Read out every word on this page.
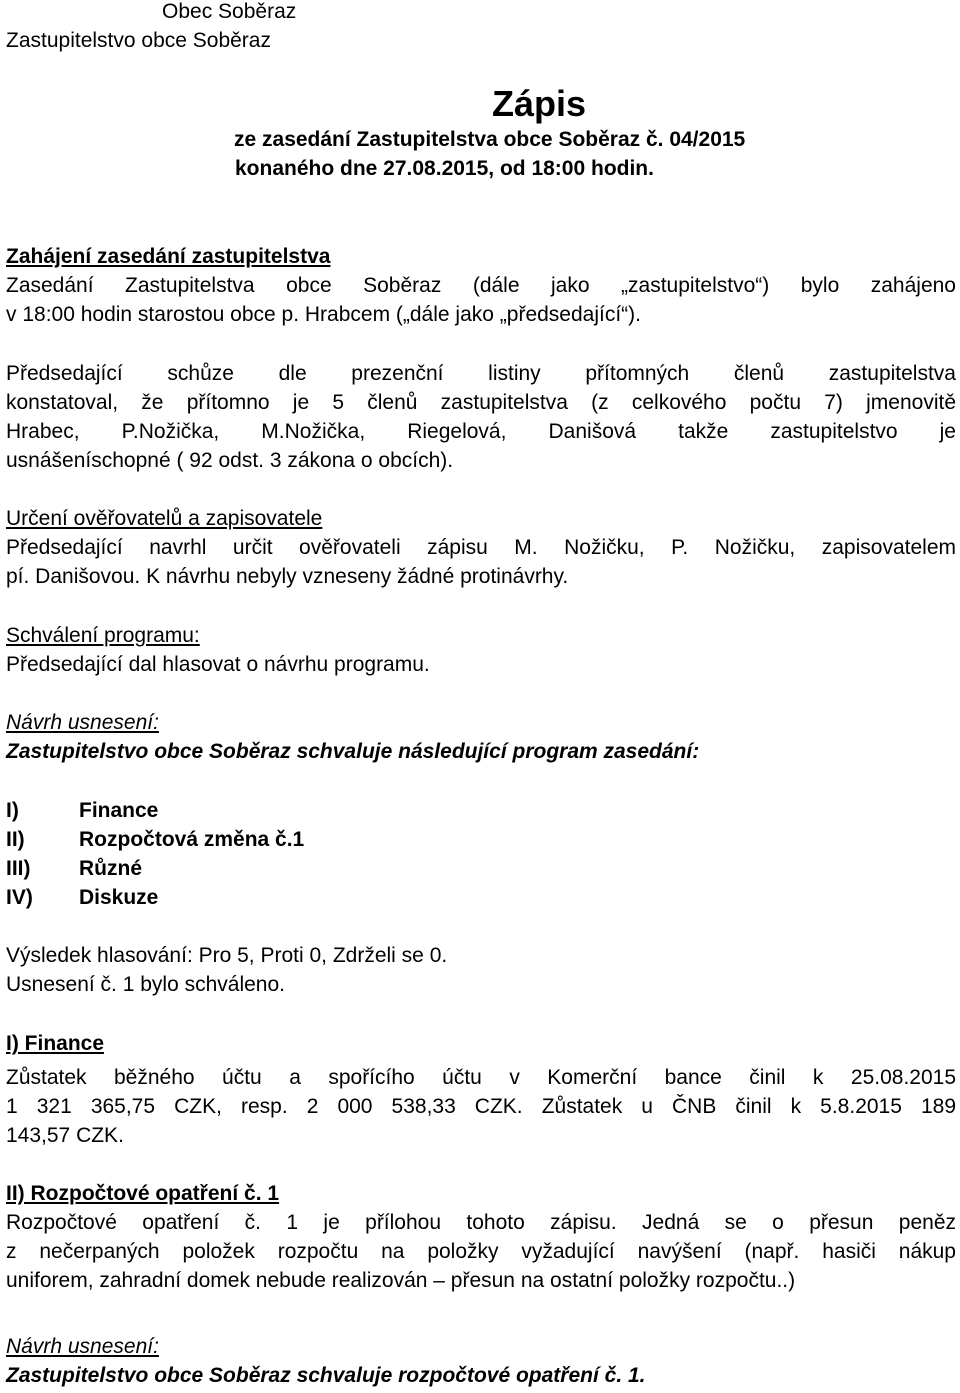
Obec Soběraz
Zastupitelstvo obce Soběraz
Zápis
ze zasedání Zastupitelstva obce Soběraz č. 04/2015
konaného dne 27.08.2015, od 18:00 hodin.
Zahájení zasedání zastupitelstva
Zasedání Zastupitelstva obce Soběraz (dále jako „zastupitelstvo“) bylo zahájeno
v 18:00 hodin starostou obce p. Hrabcem („dále jako „předsedající“).
Předsedající schůze dle prezenční listiny přítomných členů zastupitelstva
konstatoval, že přítomno je 5 členů zastupitelstva (z celkového počtu 7) jmenovitě
Hrabec, P.Nožička, M.Nožička, Riegelová, Danišová takže zastupitelstvo je
usnášeníschopné ( 92 odst. 3 zákona o obcích).
Určení ověřovatelů a zapisovatele
Předsedající navrhl určit ověřovateli zápisu M. Nožičku, P. Nožičku, zapisovatelem
pí. Danišovou. K návrhu nebyly vzneseny žádné protinávrhy.
Schválení programu:
Předsedající dal hlasovat o návrhu programu.
Návrh usnesení:
Zastupitelstvo obce Soběraz schvaluje následující program zasedání:
I)	Finance
II)	Rozpočtová změna č.1
III) Různé
IV) Diskuze
Výsledek hlasování: Pro 5, Proti 0, Zdrželi se 0.
Usnesení č. 1 bylo schváleno.
I) Finance
Zůstatek běžného účtu a spořícího účtu v Komerční bance činil k 25.08.2015
1 321 365,75 CZK, resp. 2 000 538,33 CZK. Zůstatek u ČNB činil k 5.8.2015 189
143,57 CZK.
II) Rozpočtové opatření č. 1
Rozpočtové opatření č. 1 je přílohou tohoto zápisu. Jedná se o přesun peněz
z nečerpaných položek rozpočtu na položky vyžadující navýšení (např. hasiči nákup
uniforem, zahradní domek nebude realizován – přesun na ostatní položky rozpočtu..)
Návrh usnesení:
Zastupitelstvo obce Soběraz schvaluje rozpočtové opatření č. 1.
